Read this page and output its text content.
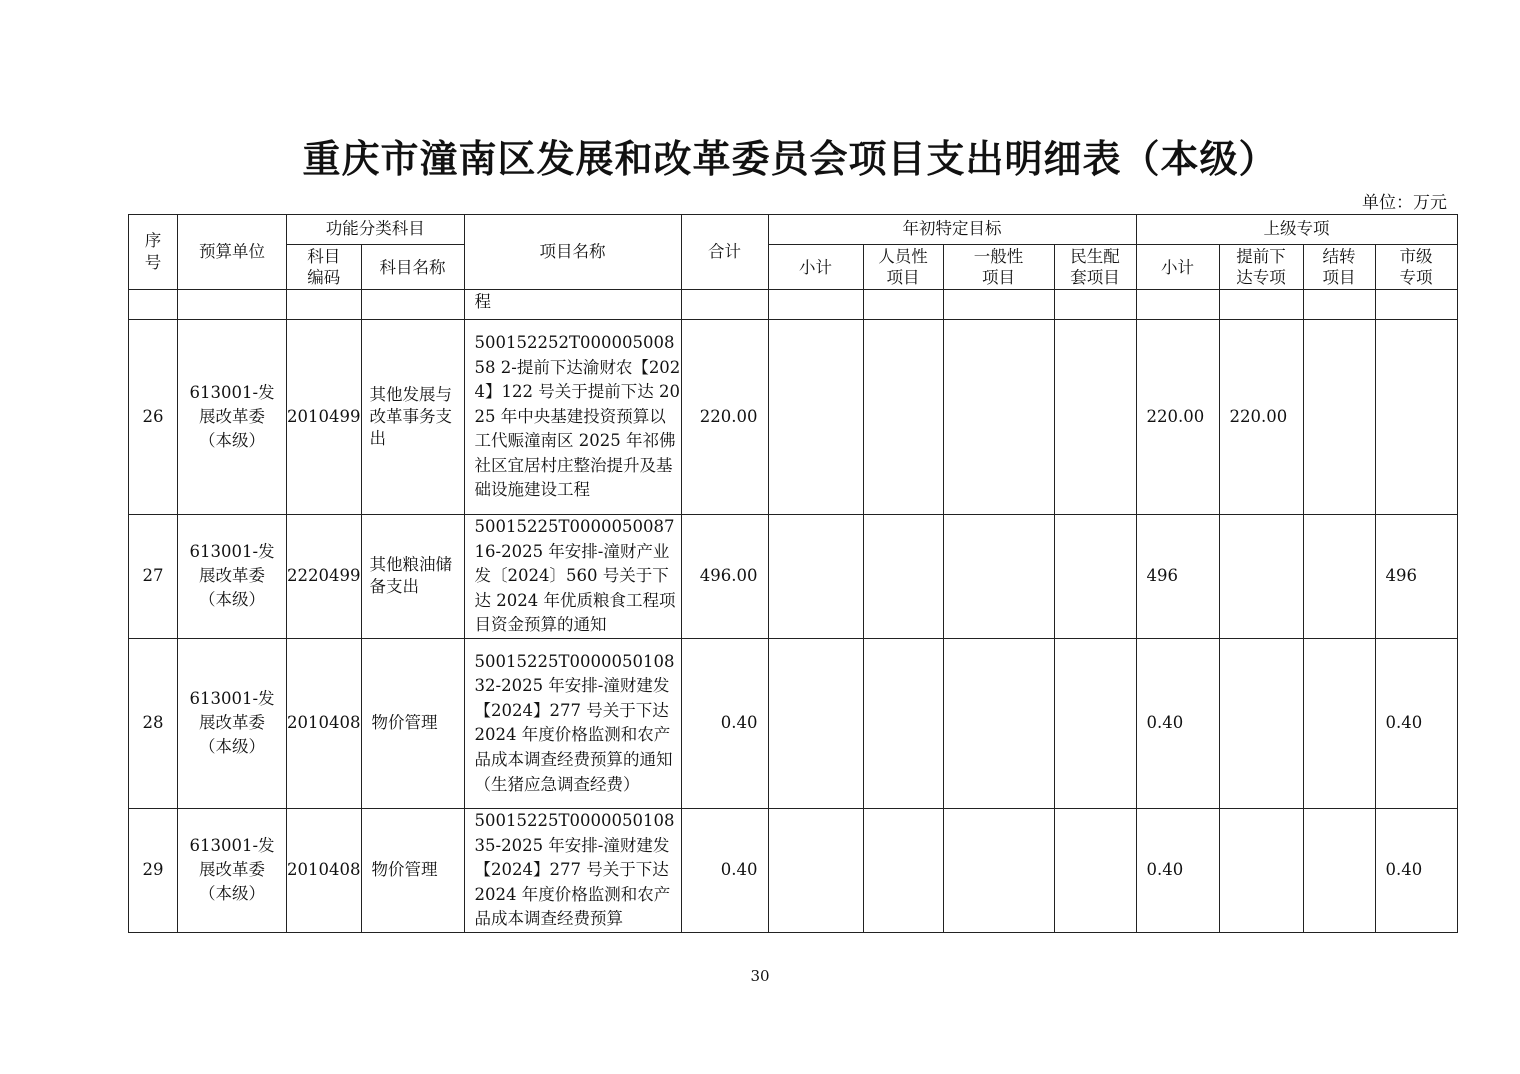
重庆市潼南区发展和改革委员会项目支出明细表（本级）
单位：万元
序号	预算单位	功能分类科目		项目名称	合计	年初特定目标				上级专项			
		科目编码	科目名称			小计	人员性项目	一般性项目	民生配套项目	小计	提前下达专项	结转项目	市级专项
				程									
26	613001-发展改革委（本级）	2010499	其他发展与改革事务支出	500152252T00000500858 2-提前下达渝财农【2024】122 号关于提前下达 2025 年中央基建投资预算以工代赈潼南区 2025 年祁佛社区宜居村庄整治提升及基础设施建设工程	220.00					220.00	220.00		
27	613001-发展改革委（本级）	2220499	其他粮油储备支出	50015225T000005008716-2025 年安排-潼财产业发〔2024〕560 号关于下达 2024 年优质粮食工程项目资金预算的通知	496.00					496			496
28	613001-发展改革委（本级）	2010408	物价管理	50015225T000005010832-2025 年安排-潼财建发【2024】277 号关于下达 2024 年度价格监测和农产品成本调查经费预算的通知（生猪应急调查经费）	0.40					0.40			0.40
29	613001-发展改革委（本级）	2010408	物价管理	50015225T000005010835-2025 年安排-潼财建发【2024】277 号关于下达 2024 年度价格监测和农产品成本调查经费预算	0.40					0.40			0.40
30
